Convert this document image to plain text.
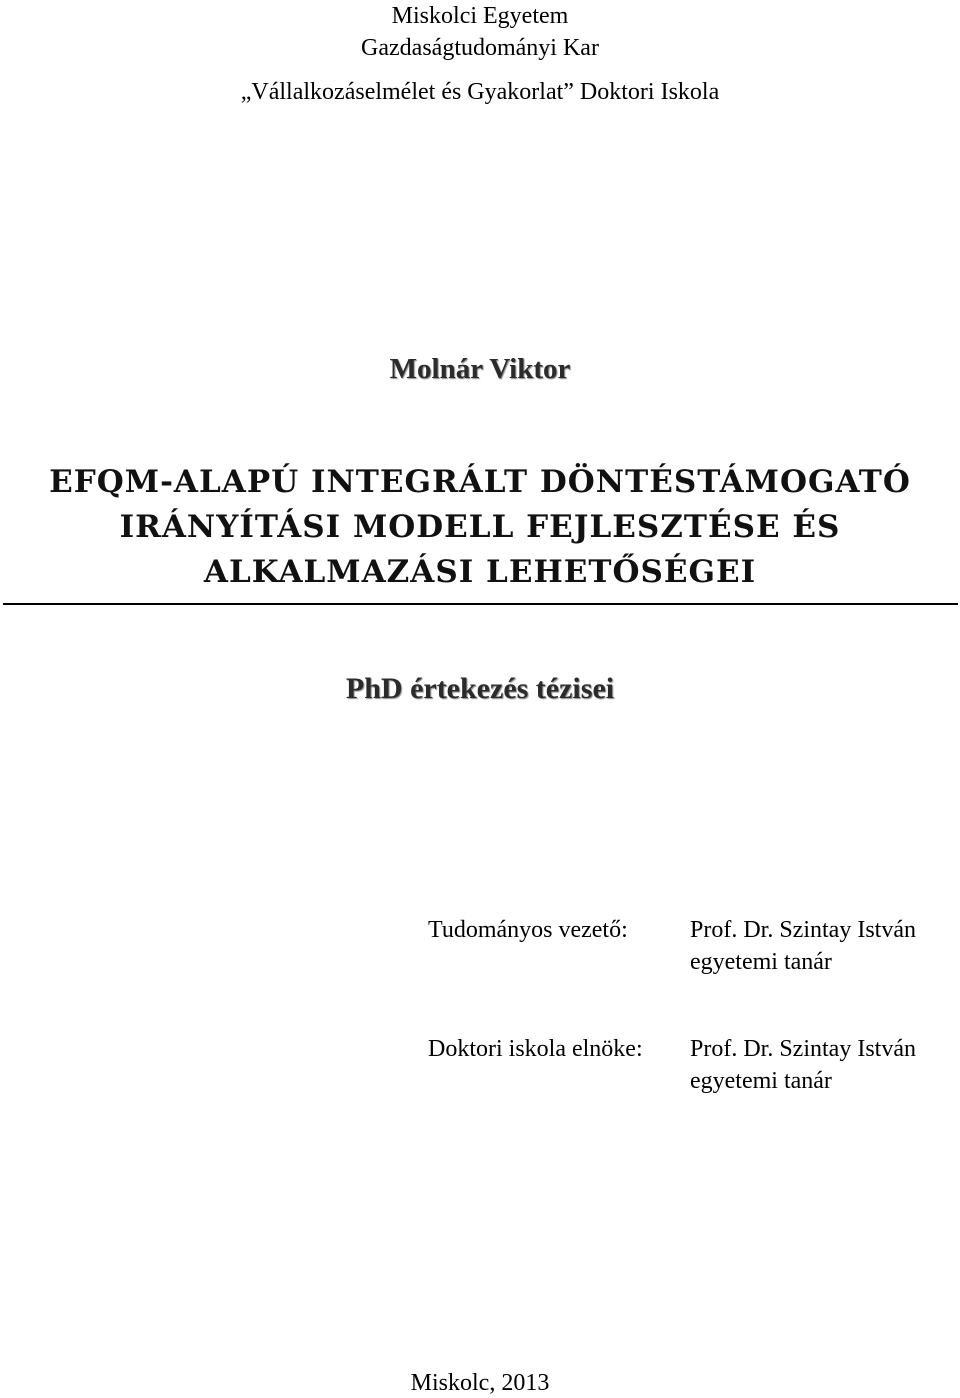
Miskolci Egyetem
Gazdaságtudományi Kar
„Vállalkozáselmélet és Gyakorlat” Doktori Iskola
Molnár Viktor
EFQM-ALAPÚ INTEGRÁLT DÖNTÉSTÁMOGATÓ
IRÁNYÍTÁSI MODELL FEJLESZTÉSE ÉS
ALKALMAZÁSI LEHETŐSÉGEI
PhD értekezés tézisei
Tudományos vezető:	Prof. Dr. Szintay István
egyetemi tanár
Doktori iskola elnöke: Prof. Dr. Szintay István
egyetemi tanár
Miskolc, 2013
